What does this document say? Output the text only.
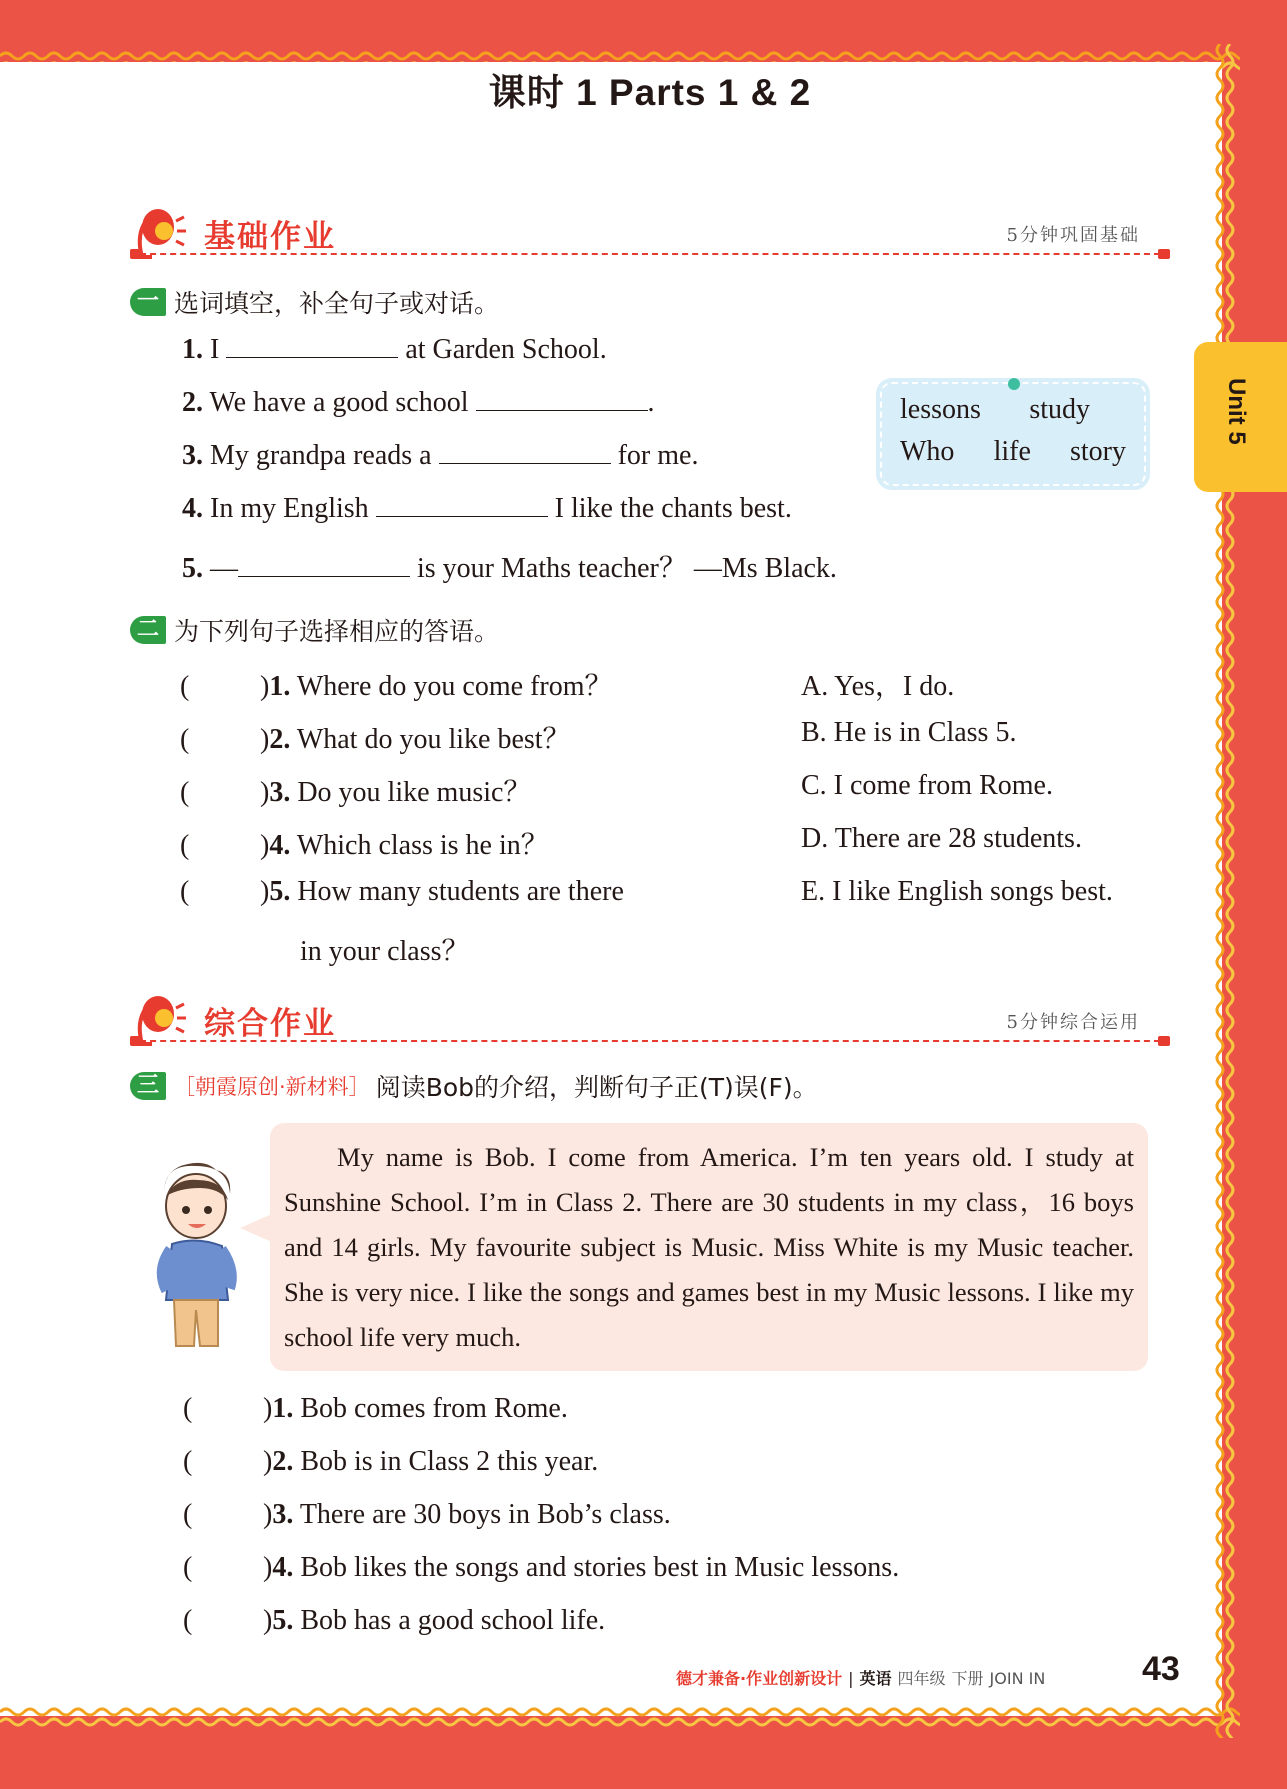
Unit 5
课时 1 Parts 1 & 2
基础作业	5分钟巩固基础
一 选词填空，补全句子或对话。
1. I	at Garden School.
2. We have a good school	.
3. My grandpa reads a	for me.
4. In my English	I like the chants best.
5. —	is your Maths teacher？ —Ms Black.
lessons study
Who life story
二 为下列句子选择相应的答语。
(	)1. Where do you come from？
(	)2. What do you like best？
(	)3. Do you like music？
(	)4. Which class is he in？
(	)5. How many students are there
in your class？
A. Yes，I do.
B. He is in Class 5.
C. I come from Rome.
D. There are 28 students.
E. I like English songs best.
综合作业	5分钟综合运用
三 ［朝霞原创·新材料］ 阅读Bob的介绍，判断句子正(T)误(F)。

My name is Bob. I come from America. I’m ten years old. I study at Sunshine School. I’m in Class 2. There are 30 students in my class，16 boys and 14 girls. My favourite subject is Music. Miss White is my Music teacher. She is very nice. I like the songs and games best in my Music lessons. I like my school life very much.

(	)1. Bob comes from Rome.
(	)2. Bob is in Class 2 this year.
(	)3. There are 30 boys in Bob’s class.
(	)4. Bob likes the songs and stories best in Music lessons.
(	)5. Bob has a good school life.
德才兼备·作业创新设计 | 英语 四年级 下册 JOIN IN	43
